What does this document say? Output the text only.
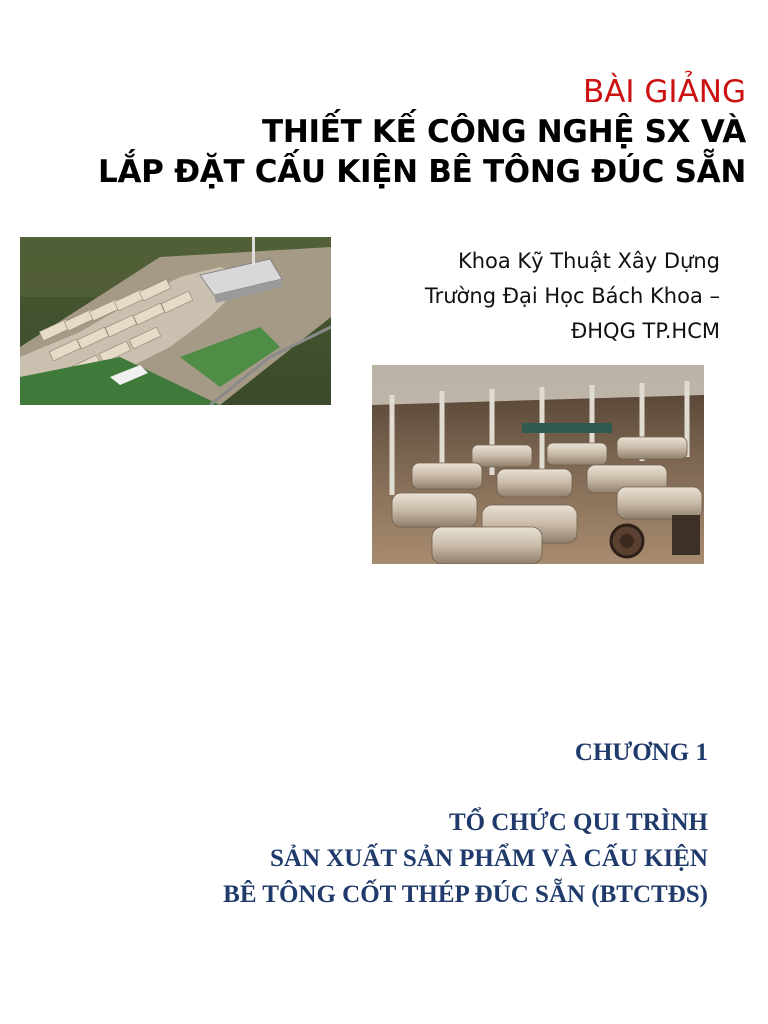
BÀI GIẢNG
THIẾT KẾ CÔNG NGHỆ SX VÀ
LẮP ĐẶT CẤU KIỆN BÊ TÔNG ĐÚC SẴN
Khoa Kỹ Thuật Xây Dựng
Trường Đại Học Bách Khoa –
ĐHQG TP.HCM
CHƯƠNG 1
TỔ CHỨC QUI TRÌNH
SẢN XUẤT SẢN PHẨM VÀ CẤU KIỆN
BÊ TÔNG CỐT THÉP ĐÚC SẴN (BTCTĐS)
